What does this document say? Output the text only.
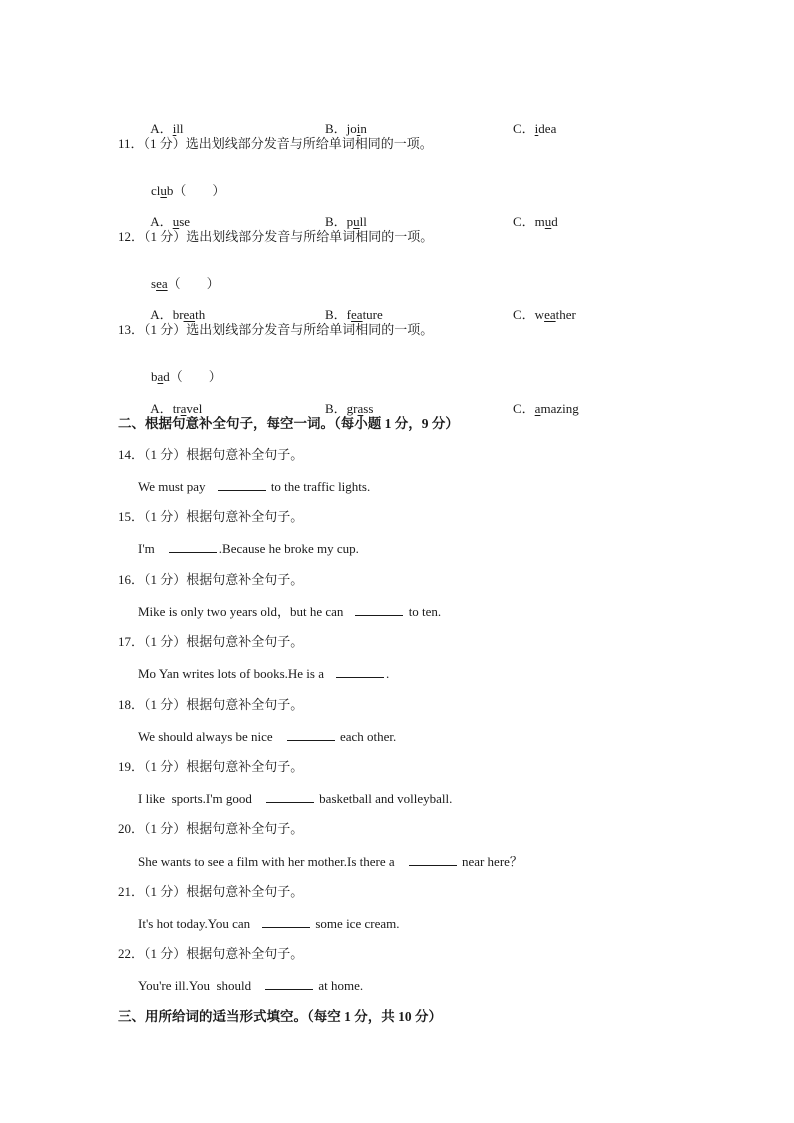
A．ill
	B．join
	C．idea

11．（1 分）选出划线部分发音与所给单词相同的一项。

club（　　）

A．use
	B．pull
	C．mud

12．（1 分）选出划线部分发音与所给单词相同的一项。

sea（　　）

A．breath
	B．feature
	C．weather

13．（1 分）选出划线部分发音与所给单词相同的一项。

bad（　　）

A．travel
	B．grass
	C．amazing

二、根据句意补全句子，每空一词。（每小题 1 分，9 分）
14．（1 分）根据句意补全句子。
We must pay	to the traffic lights.
15．（1 分）根据句意补全句子。
I'm	.Because he broke my cup.
16．（1 分）根据句意补全句子。
Mike is only two years old，but he can	to ten.
17．（1 分）根据句意补全句子。
Mo Yan writes lots of books.He is a	.
18．（1 分）根据句意补全句子。
We should always be nice	each other.
19．（1 分）根据句意补全句子。
I like  sports.I'm good	basketball and volleyball.
20．（1 分）根据句意补全句子。
She wants to see a film with her mother.Is there a	near here？
21．（1 分）根据句意补全句子。
It's hot today.You can	some ice cream.
22．（1 分）根据句意补全句子。
You're ill.You  should	at home.
三、用所给词的适当形式填空。（每空 1 分，共 10 分）
